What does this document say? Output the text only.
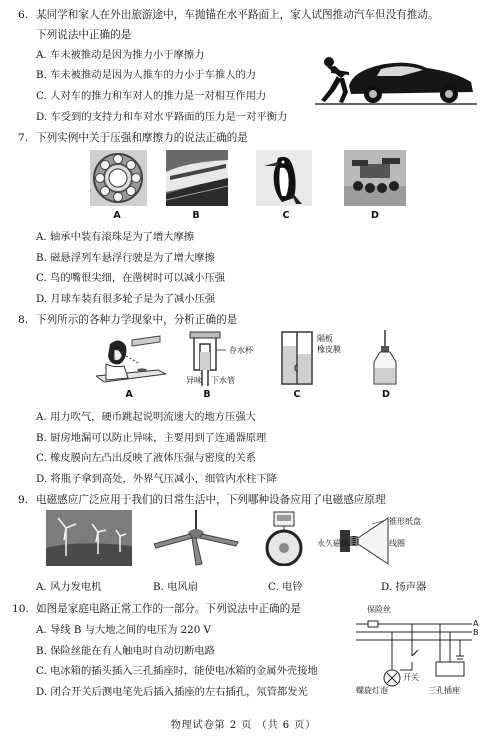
6. 某同学和家人在外出旅游途中，车抛锚在水平路面上，家人试图推动汽车但没有推动。
下列说法中正确的是
A. 车未被推动是因为推力小于摩擦力
B. 车未被推动是因为人推车的力小于车推人的力
C. 人对车的推力和车对人的推力是一对相互作用力
D. 车受到的支持力和车对水平路面的压力是一对平衡力
7. 下列实例中关于压强和摩擦力的说法正确的是
A	B	C	D
A. 轴承中装有滚珠是为了增大摩擦
B. 磁悬浮列车悬浮行驶是为了增大摩擦
C. 鸟的嘴很尖细，在凿树时可以减小压强
D. 月球车装有很多轮子是为了减小压强
8. 下列所示的各种力学现象中，分析正确的是
A
存水杯
异味 下水管
B
隔板
橡皮膜
C	D
A. 用力吹气，硬币跳起说明流速大的地方压强大
B. 厨房地漏可以防止异味，主要用到了连通器原理
C. 橡皮膜向左凸出反映了液体压强与密度的关系
D. 将瓶子拿到高处，外界气压减小，细管内水柱下降
9. 电磁感应广泛应用于我们的日常生活中，下列哪种设备应用了电磁感应原理
锥形纸盘
永久磁体	线圈
A. 风力发电机	B. 电风扇	C. 电铃	D. 扬声器
10. 如图是家庭电路正常工作的一部分。下列说法中正确的是
A. 导线 B 与大地之间的电压为 220 V
B. 保险丝能在有人触电时自动切断电路
C. 电冰箱的插头插入三孔插座时，能使电冰箱的金属外壳接地
D. 闭合开关后测电笔先后插入插座的左右插孔，氖管都发光
保险丝
A
B
开关
螺旋灯泡	三孔插座
物理试卷第 2 页 （共 6 页）
